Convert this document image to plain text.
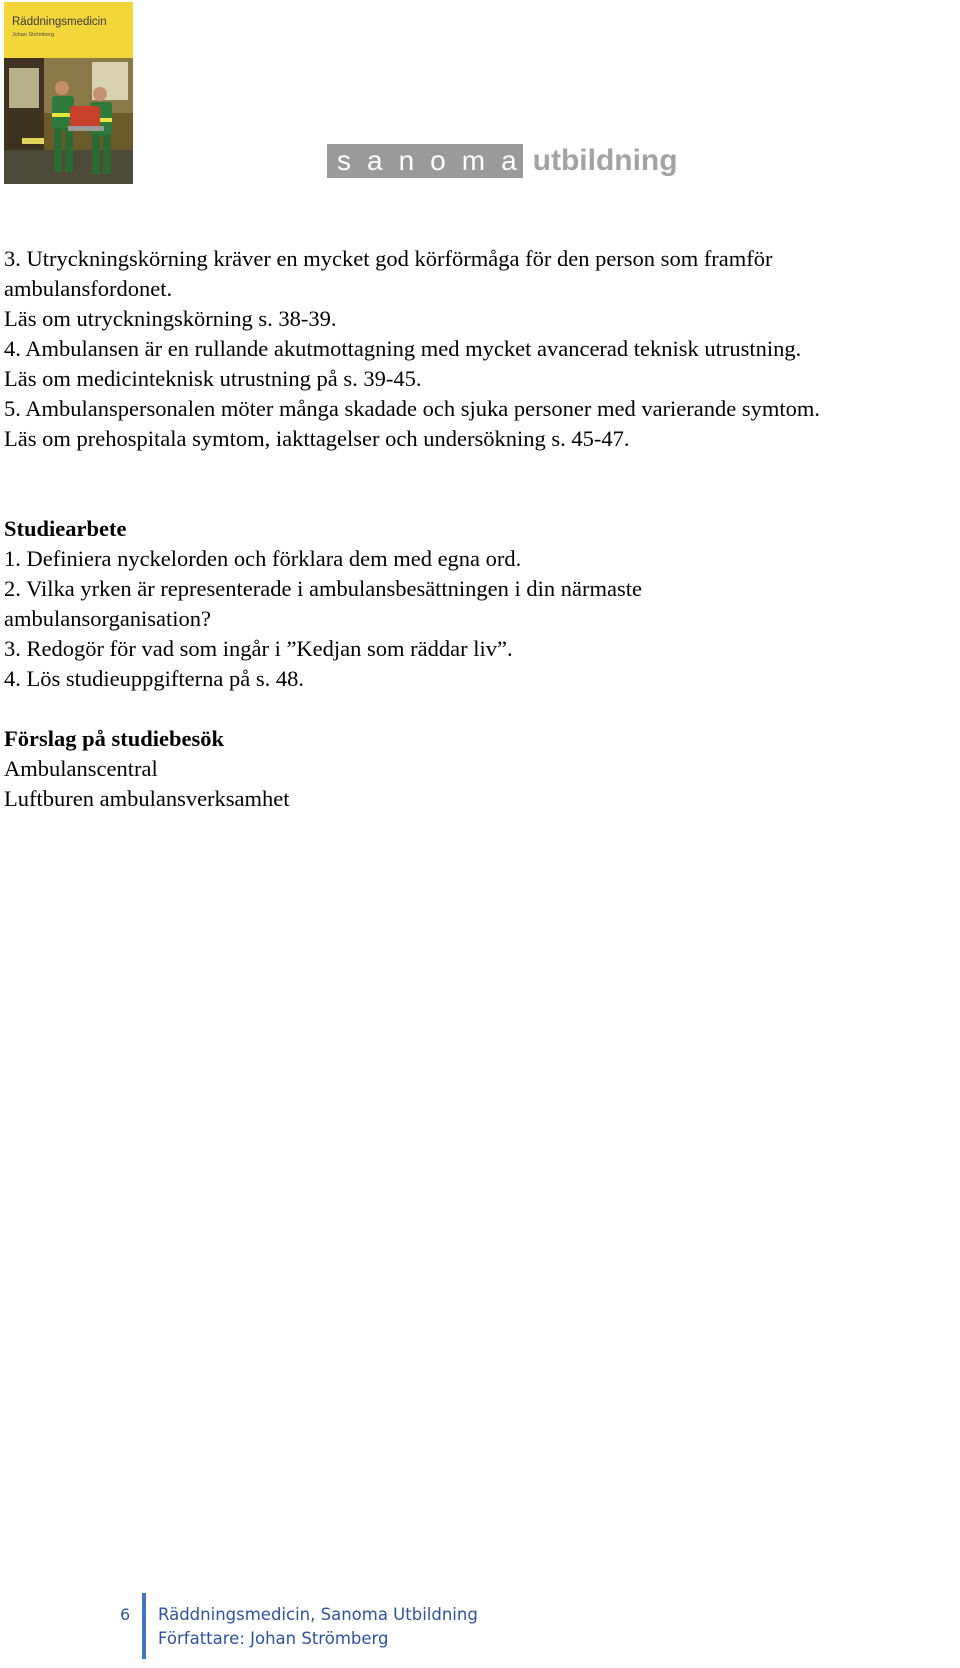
Räddningsmedicin
Johan Strömberg
s a n o m a utbildning

3. Utryckningskörning kräver en mycket god körförmåga för den person som framför

ambulansfordonet.

Läs om utryckningskörning s. 38-39.

4. Ambulansen är en rullande akutmottagning med mycket avancerad teknisk utrustning.

Läs om medicinteknisk utrustning på s. 39-45.

5. Ambulanspersonalen möter många skadade och sjuka personer med varierande symtom.

Läs om prehospitala symtom, iakttagelser och undersökning s. 45-47.

Studiearbete

1. Definiera nyckelorden och förklara dem med egna ord.

2. Vilka yrken är representerade i ambulansbesättningen i din närmaste

ambulansorganisation?

3. Redogör för vad som ingår i ”Kedjan som räddar liv”.

4. Lös studieuppgifterna på s. 48.

Förslag på studiebesök

Ambulanscentral

Luftburen ambulansverksamhet

6	Räddningsmedicin, Sanoma Utbildning
Författare: Johan Strömberg
